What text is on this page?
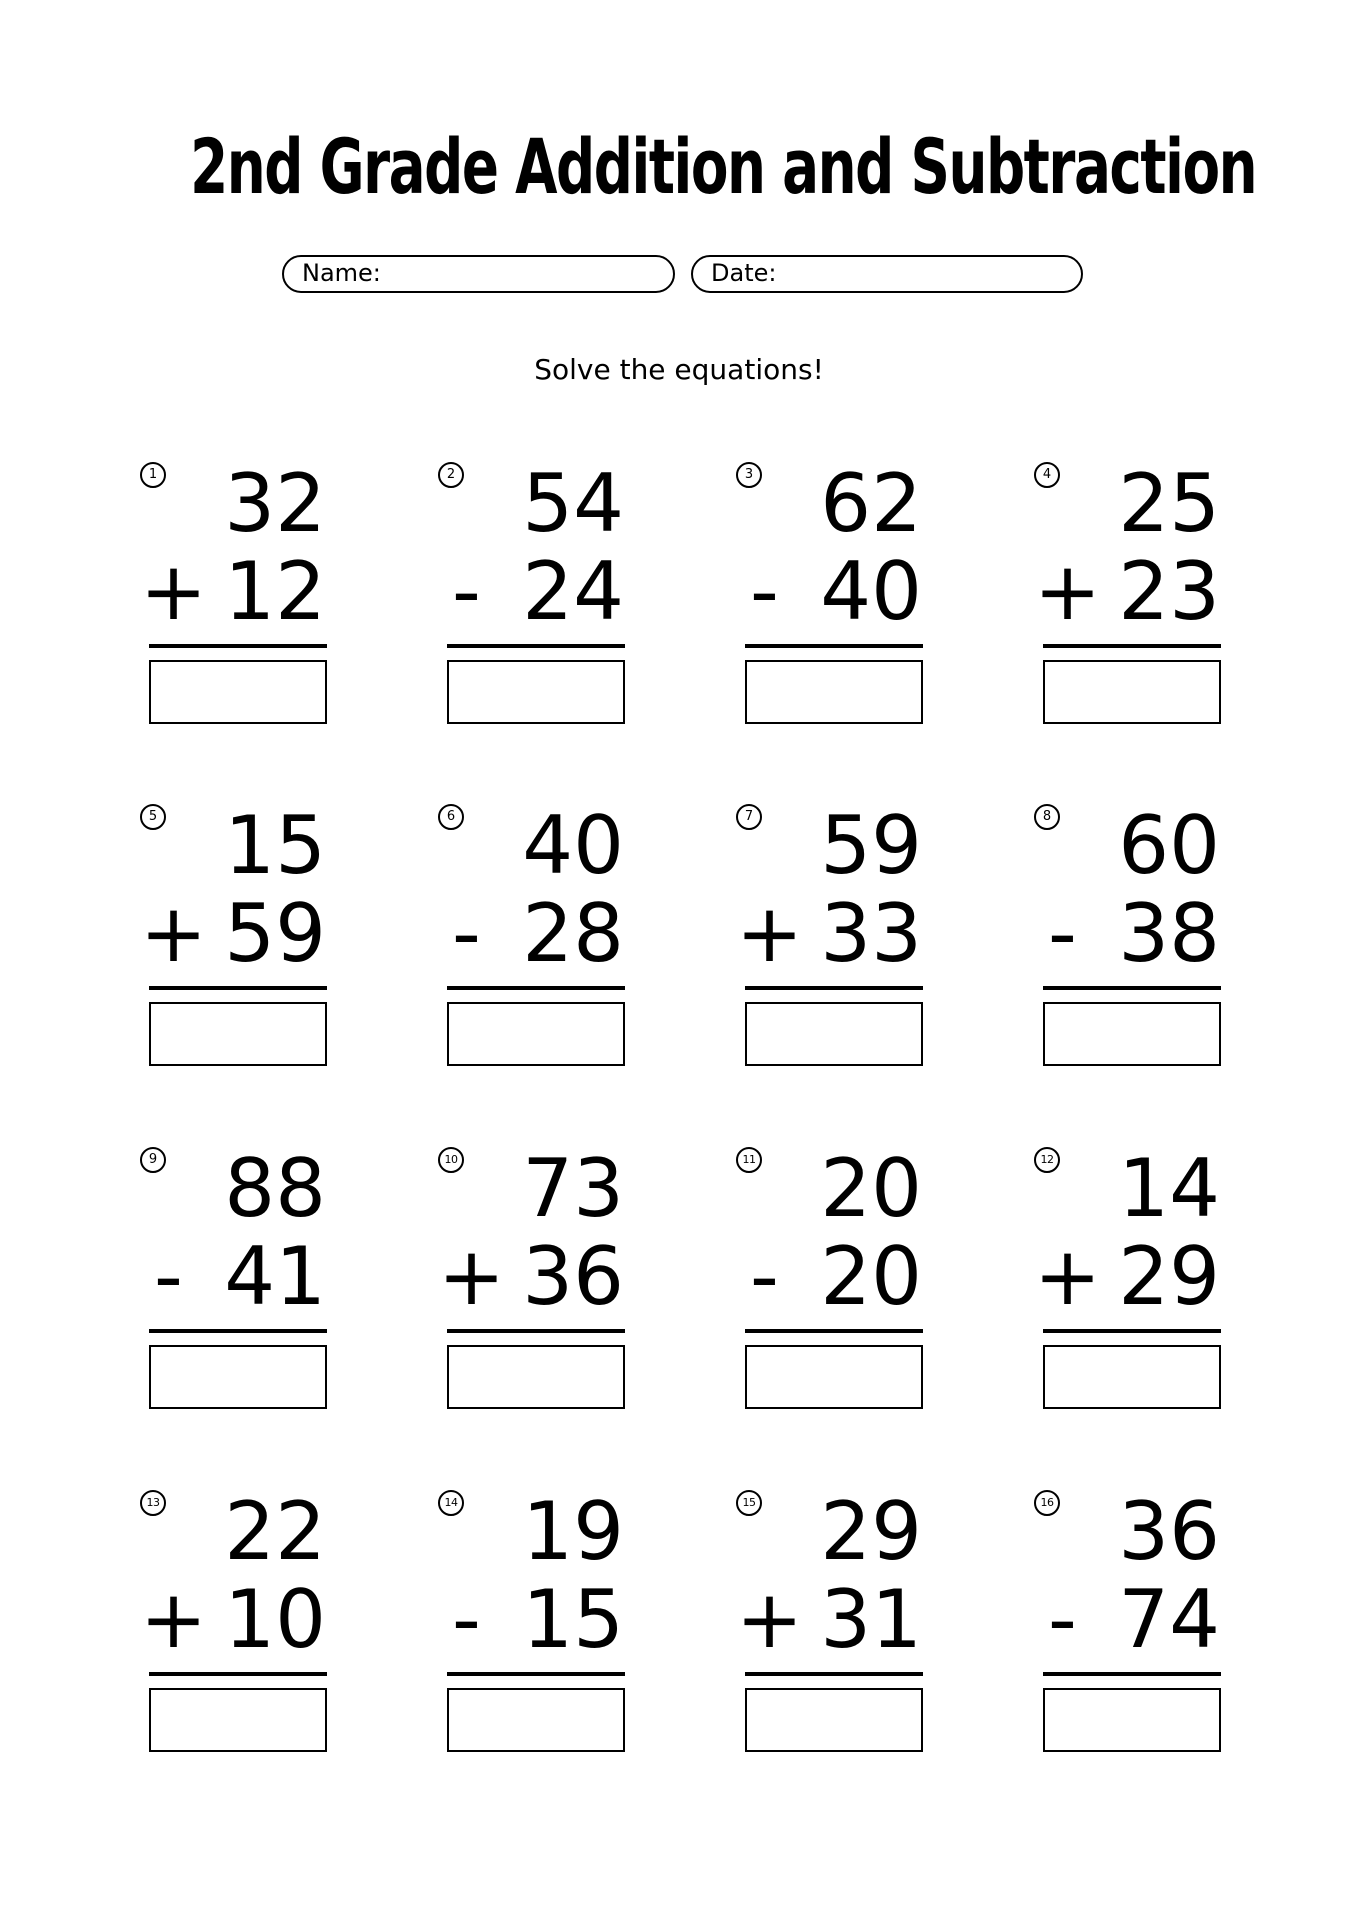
2nd Grade Addition and Subtraction
Name:	Date:
Solve the equations!
1 32
+ 12
2 54
- 24
3 62
- 40
4 25
+ 23
5 15
+ 59
6 40
- 28
7 59
+ 33
8 60
- 38
9 88
- 41
10 73
+ 36
11 20
- 20
12 14
+ 29
13 22
+ 10
14 19
- 15
15 29
+ 31
16 36
- 74
